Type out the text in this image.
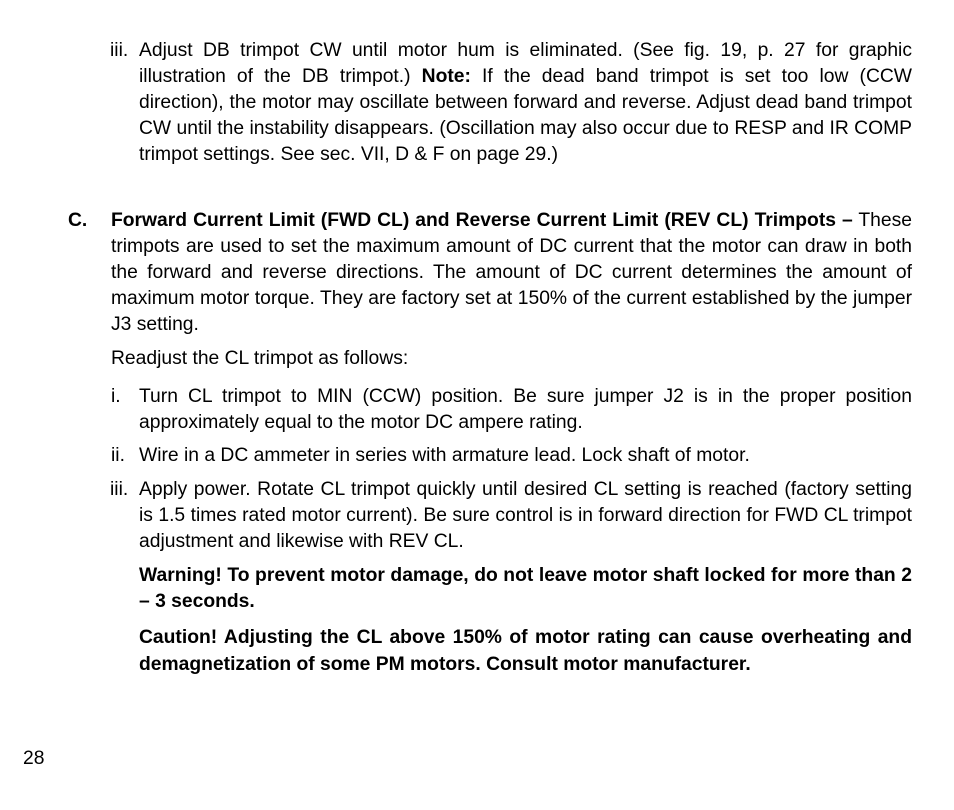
iii. Adjust DB trimpot CW until motor hum is eliminated. (See fig. 19, p. 27 for graphic illustration of the DB trimpot.) Note: If the dead band trimpot is set too low (CCW direction), the motor may oscillate between forward and reverse. Adjust dead band trimpot CW until the instability disappears. (Oscillation may also occur due to RESP and IR COMP trimpot settings. See sec. VII, D & F on page 29.)

C. Forward Current Limit (FWD CL) and Reverse Current Limit (REV CL) Trimpots – These trimpots are used to set the maximum amount of DC current that the motor can draw in both the forward and reverse directions. The amount of DC current determines the amount of maximum motor torque. They are factory set at 150% of the current established by the jumper J3 setting.

Readjust the CL trimpot as follows:

i. Turn CL trimpot to MIN (CCW) position. Be sure jumper J2 is in the proper position approximately equal to the motor DC ampere rating.

ii. Wire in a DC ammeter in series with armature lead. Lock shaft of motor.

iii. Apply power. Rotate CL trimpot quickly until desired CL setting is reached (factory setting is 1.5 times rated motor current). Be sure control is in forward direction for FWD CL trimpot adjustment and likewise with REV CL.

Warning! To prevent motor damage, do not leave motor shaft locked for more than 2 – 3 seconds.

Caution! Adjusting the CL above 150% of motor rating can cause overheating and demagnetization of some PM motors. Consult motor manufacturer.

28
